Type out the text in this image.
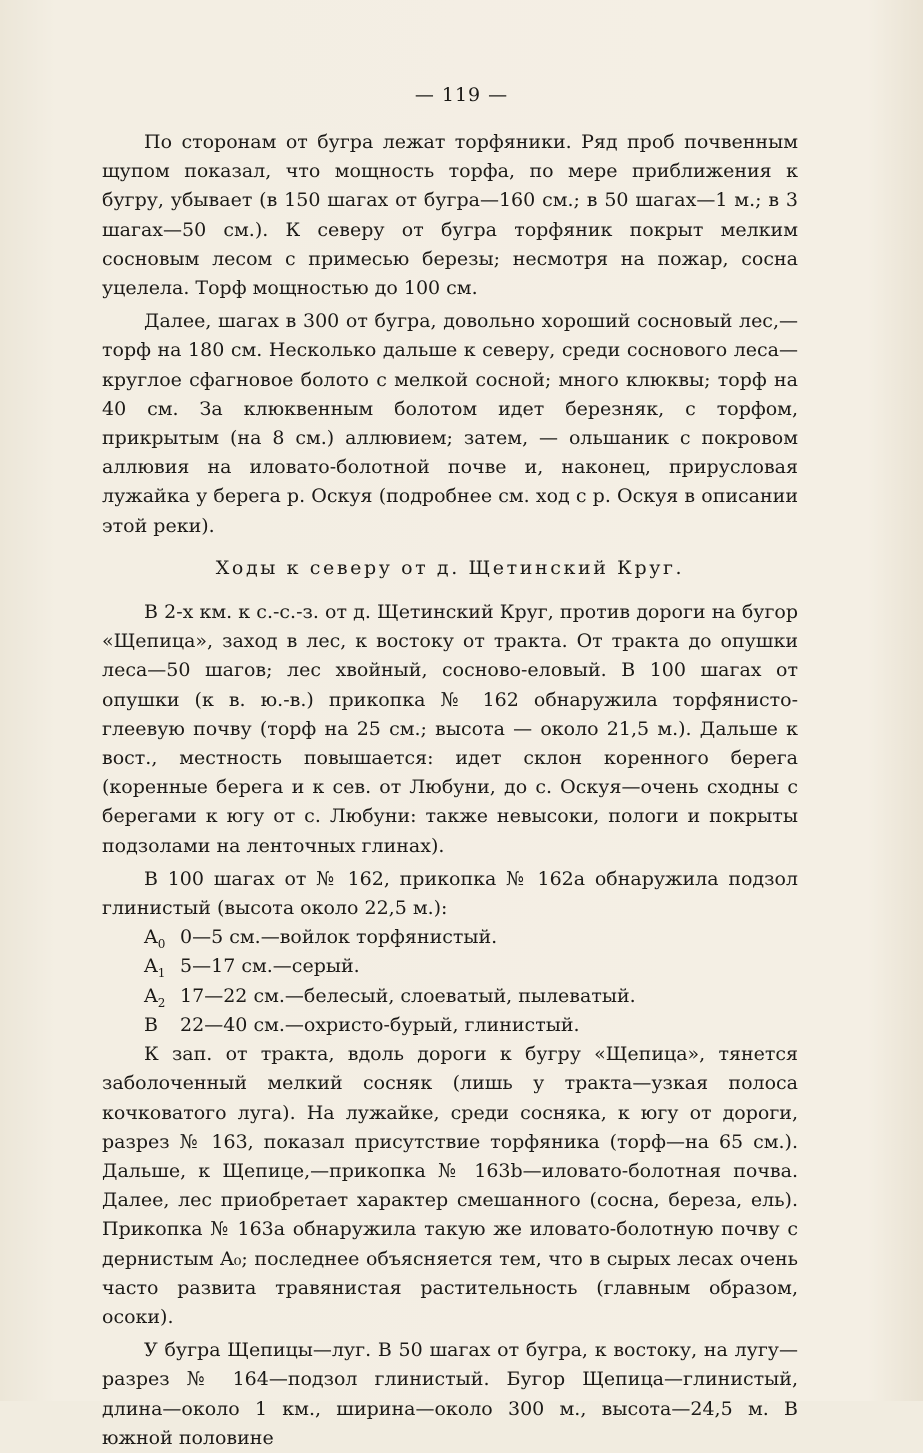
— 119 —

По сторонам от бугра лежат торфяники. Ряд проб почвенным щупом показал, что мощность торфа, по мере приближения к бугру, убывает (в 150 шагах от бугра—160 см.; в 50 шагах—1 м.; в 3 шагах—50 см.). К северу от бугра торфяник покрыт мелким сосновым лесом с примесью березы; несмотря на пожар, сосна уцелела. Торф мощностью до 100 см.

Далее, шагах в 300 от бугра, довольно хороший сосновый лес,—торф на 180 см. Несколько дальше к северу, среди соснового леса—круглое сфагновое болото с мелкой сосной; много клюквы; торф на 40 см. За клюквенным болотом идет березняк, с торфом, прикрытым (на 8 см.) аллювием; затем, — ольшаник с покровом аллювия на иловато-болотной почве и, наконец, прирусловая лужайка у берега р. Оскуя (подробнее см. ход с р. Оскуя в описании этой реки).

Ходы к северу от д. Щетинский Круг.

В 2-х км. к с.-с.-з. от д. Щетинский Круг, против дороги на бугор «Щепица», заход в лес, к востоку от тракта. От тракта до опушки леса—50 шагов; лес хвойный, сосново-еловый. В 100 шагах от опушки (к в. ю.-в.) прикопка № 162 обнаружила торфянисто-глеевую почву (торф на 25 см.; высота — около 21,5 м.). Дальше к вост., местность повышается: идет склон коренного берега (коренные берега и к сев. от Любуни, до с. Оскуя—очень сходны с берегами к югу от с. Любуни: также невысоки, пологи и покрыты подзолами на ленточных глинах).

В 100 шагах от № 162, прикопка № 162а обнаружила подзол глинистый (высота около 22,5 м.):

$A_0$ 0—5 см.—войлок торфянистый.
$A_1$ 5—17 см.—серый.
$A_2$ 17—22 см.—белесый, слоеватый, пылеватый.
B 22—40 см.—охристо-бурый, глинистый.

К зап. от тракта, вдоль дороги к бугру «Щепица», тянется заболоченный мелкий сосняк (лишь у тракта—узкая полоса кочковатого луга). На лужайке, среди сосняка, к югу от дороги, разрез № 163, показал присутствие торфяника (торф—на 65 см.). Дальше, к Щепице,—прикопка № 163b—иловато-болотная почва. Далее, лес приобретает характер смешанного (сосна, береза, ель). Прикопка № 163а обнаружила такую же иловато-болотную почву с дернистым A₀; последнее объясняется тем, что в сырых лесах очень часто развита травянистая растительность (главным образом, осоки).

У бугра Щепицы—луг. В 50 шагах от бугра, к востоку, на лугу—разрез № 164—подзол глинистый. Бугор Щепица—глинистый, длина—около 1 км., ширина—около 300 м., высота—24,5 м. В южной половине
